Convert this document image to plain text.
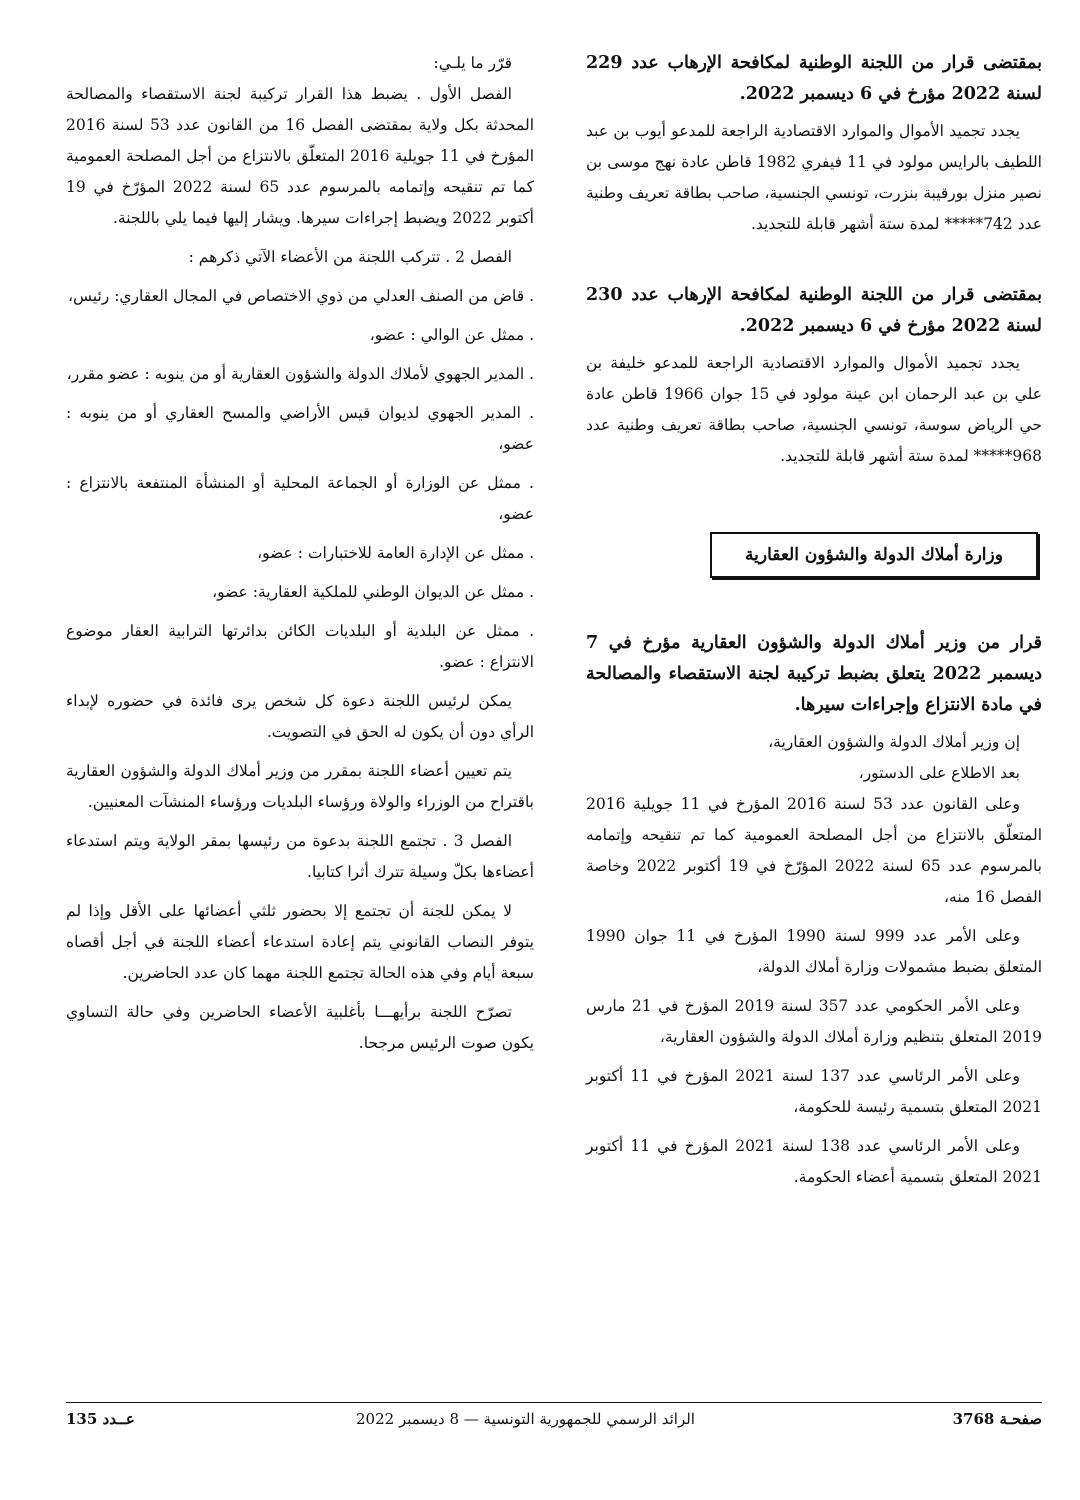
بمقتضى قرار من اللجنة الوطنية لمكافحة الإرهاب عدد 229 لسنة 2022 مؤرخ في 6 ديسمبر 2022.

يجدد تجميد الأموال والموارد الاقتصادية الراجعة للمدعو أيوب بن عبد اللطيف بالرايس مولود في 11 فيفري 1982 قاطن عادة نهج موسى بن نصير منزل بورقيبة بنزرت، تونسي الجنسية، صاحب بطاقة تعريف وطنية عدد 742***** لمدة ستة أشهر قابلة للتجديد.

بمقتضى قرار من اللجنة الوطنية لمكافحة الإرهاب عدد 230 لسنة 2022 مؤرخ في 6 ديسمبر 2022.

يجدد تجميد الأموال والموارد الاقتصادية الراجعة للمدعو خليفة بن علي بن عبد الرحمان ابن عينة مولود في 15 جوان 1966 قاطن عادة حي الرياض سوسة، تونسي الجنسية، صاحب بطاقة تعريف وطنية عدد 968***** لمدة ستة أشهر قابلة للتجديد.

وزارة أملاك الدولة والشؤون العقارية

قرار من وزير أملاك الدولة والشؤون العقارية مؤرخ في 7 ديسمبر 2022 يتعلق بضبط تركيبة لجنة الاستقصاء والمصالحة في مادة الانتزاع وإجراءات سيرها.

إن وزير أملاك الدولة والشؤون العقارية،

بعد الاطلاع على الدستور،

وعلى القانون عدد 53 لسنة 2016 المؤرخ في 11 جويلية 2016 المتعلّق بالانتزاع من أجل المصلحة العمومية كما تم تنقيحه وإتمامه بالمرسوم عدد 65 لسنة 2022 المؤرّخ في 19 أكتوبر 2022 وخاصة الفصل 16 منه،

وعلى الأمر عدد 999 لسنة 1990 المؤرخ في 11 جوان 1990 المتعلق بضبط مشمولات وزارة أملاك الدولة،

وعلى الأمر الحكومي عدد 357 لسنة 2019 المؤرخ في 21 مارس 2019 المتعلق بتنظيم وزارة أملاك الدولة والشؤون العقارية،

وعلى الأمر الرئاسي عدد 137 لسنة 2021 المؤرخ في 11 أكتوبر 2021 المتعلق بتسمية رئيسة للحكومة،

وعلى الأمر الرئاسي عدد 138 لسنة 2021 المؤرخ في 11 أكتوبر 2021 المتعلق بتسمية أعضاء الحكومة.

قرّر ما يلـي:

الفصل الأول . يضبط هذا القرار تركيبة لجنة الاستقصاء والمصالحة المحدثة بكل ولاية بمقتضى الفصل 16 من القانون عدد 53 لسنة 2016 المؤرخ في 11 جويلية 2016 المتعلّق بالانتزاع من أجل المصلحة العمومية كما تم تنقيحه وإتمامه بالمرسوم عدد 65 لسنة 2022 المؤرّخ في 19 أكتوبر 2022 ويضبط إجراءات سيرها. ويشار إليها فيما يلي باللجنة.

الفصل 2 . تتركب اللجنة من الأعضاء الآتي ذكرهم :

. قاض من الصنف العدلي من ذوي الاختصاص في المجال العقاري: رئيس،

. ممثل عن الوالي : عضو،

. المدير الجهوي لأملاك الدولة والشؤون العقارية أو من ينوبه : عضو مقرر،

. المدير الجهوي لديوان قيس الأراضي والمسح العقاري أو من ينوبه : عضو،

. ممثل عن الوزارة أو الجماعة المحلية أو المنشأة المنتفعة بالانتزاع : عضو،

. ممثل عن الإدارة العامة للاختبارات : عضو،

. ممثل عن الديوان الوطني للملكية العقارية: عضو،

. ممثل عن البلدية أو البلديات الكائن بدائرتها الترابية العقار موضوع الانتزاع : عضو.

يمكن لرئيس اللجنة دعوة كل شخص يرى فائدة في حضوره لإبداء الرأي دون أن يكون له الحق في التصويت.

يتم تعيين أعضاء اللجنة بمقرر من وزير أملاك الدولة والشؤون العقارية باقتراح من الوزراء والولاة ورؤساء البلديات ورؤساء المنشآت المعنيين.

الفصل 3 . تجتمع اللجنة بدعوة من رئيسها بمقر الولاية ويتم استدعاء أعضاءها بكلّ وسيلة تترك أثرا كتابيا.

لا يمكن للجنة أن تجتمع إلا بحضور ثلثي أعضائها على الأقل وإذا لم يتوفر النصاب القانوني يتم إعادة استدعاء أعضاء اللجنة في أجل أقصاه سبعة أيام وفي هذه الحالة تجتمع اللجنة مهما كان عدد الحاضرين.

تصرّح اللجنة برأيهـــا بأغلبية الأعضاء الحاضرين وفي حالة التساوي يكون صوت الرئيس مرجحا.

صفحـة 3768
الرائد الرسمي للجمهورية التونسية — 8 ديسمبر 2022
عــدد 135
